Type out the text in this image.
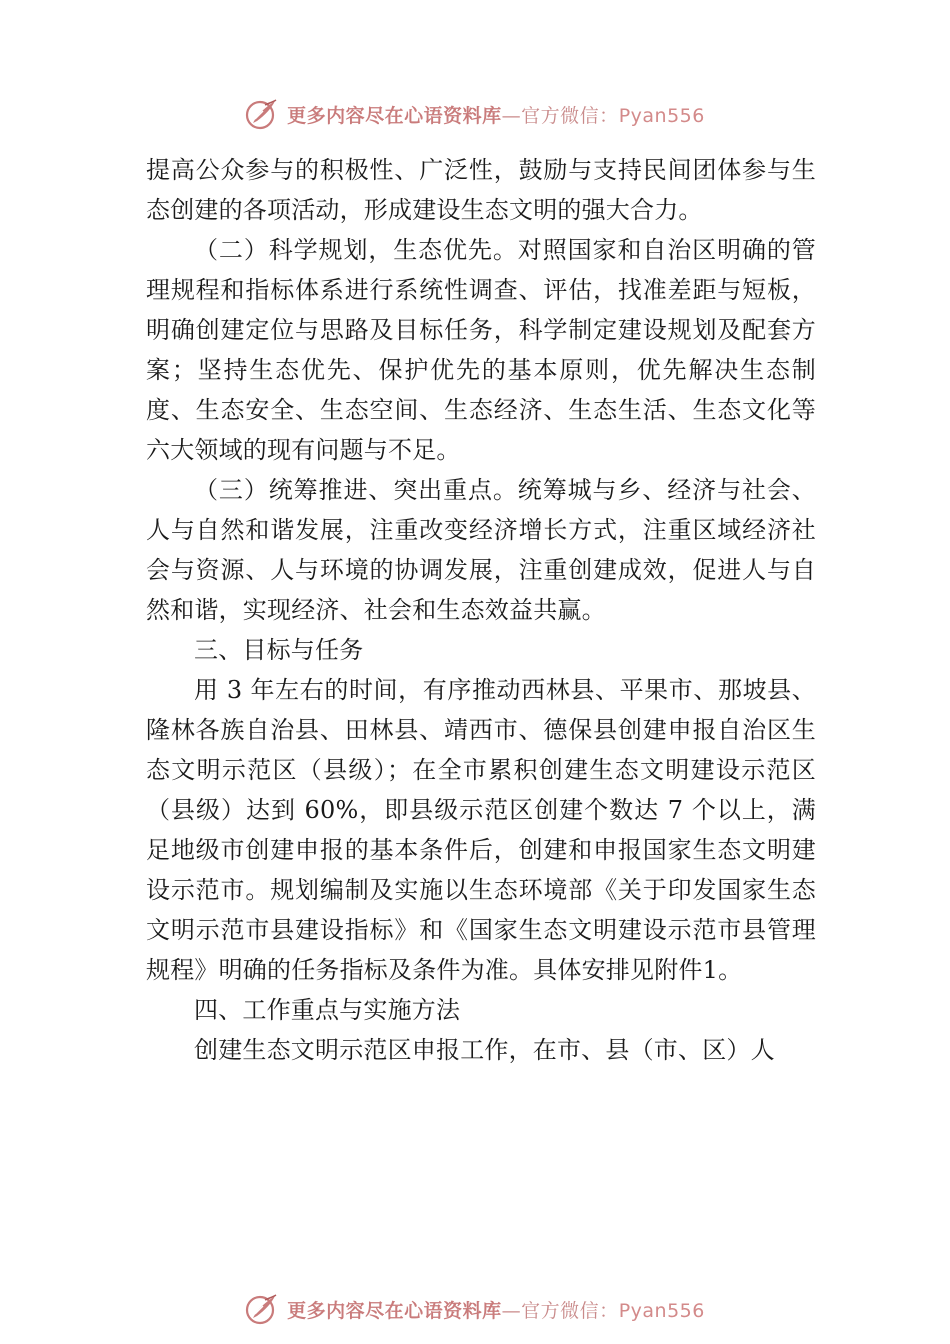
更多内容尽在心语资料库—官方微信：Pyan556

提高公众参与的积极性、广泛性，鼓励与支持民间团体参与生态创建的各项活动，形成建设生态文明的强大合力。

（二）科学规划，生态优先。对照国家和自治区明确的管理规程和指标体系进行系统性调查、评估，找准差距与短板，明确创建定位与思路及目标任务，科学制定建设规划及配套方案；坚持生态优先、保护优先的基本原则，优先解决生态制度、生态安全、生态空间、生态经济、生态生活、生态文化等六大领域的现有问题与不足。

（三）统筹推进、突出重点。统筹城与乡、经济与社会、人与自然和谐发展，注重改变经济增长方式，注重区域经济社会与资源、人与环境的协调发展，注重创建成效，促进人与自然和谐，实现经济、社会和生态效益共赢。

三、目标与任务

用 3 年左右的时间，有序推动西林县、平果市、那坡县、隆林各族自治县、田林县、靖西市、德保县创建申报自治区生态文明示范区（县级）；在全市累积创建生态文明建设示范区（县级）达到 60%，即县级示范区创建个数达 7 个以上，满足地级市创建申报的基本条件后，创建和申报国家生态文明建设示范市。规划编制及实施以生态环境部《关于印发国家生态文明示范市县建设指标》和《国家生态文明建设示范市县管理规程》明确的任务指标及条件为准。具体安排见附件1。

四、工作重点与实施方法

创建生态文明示范区申报工作，在市、县（市、区）人

更多内容尽在心语资料库—官方微信：Pyan556
